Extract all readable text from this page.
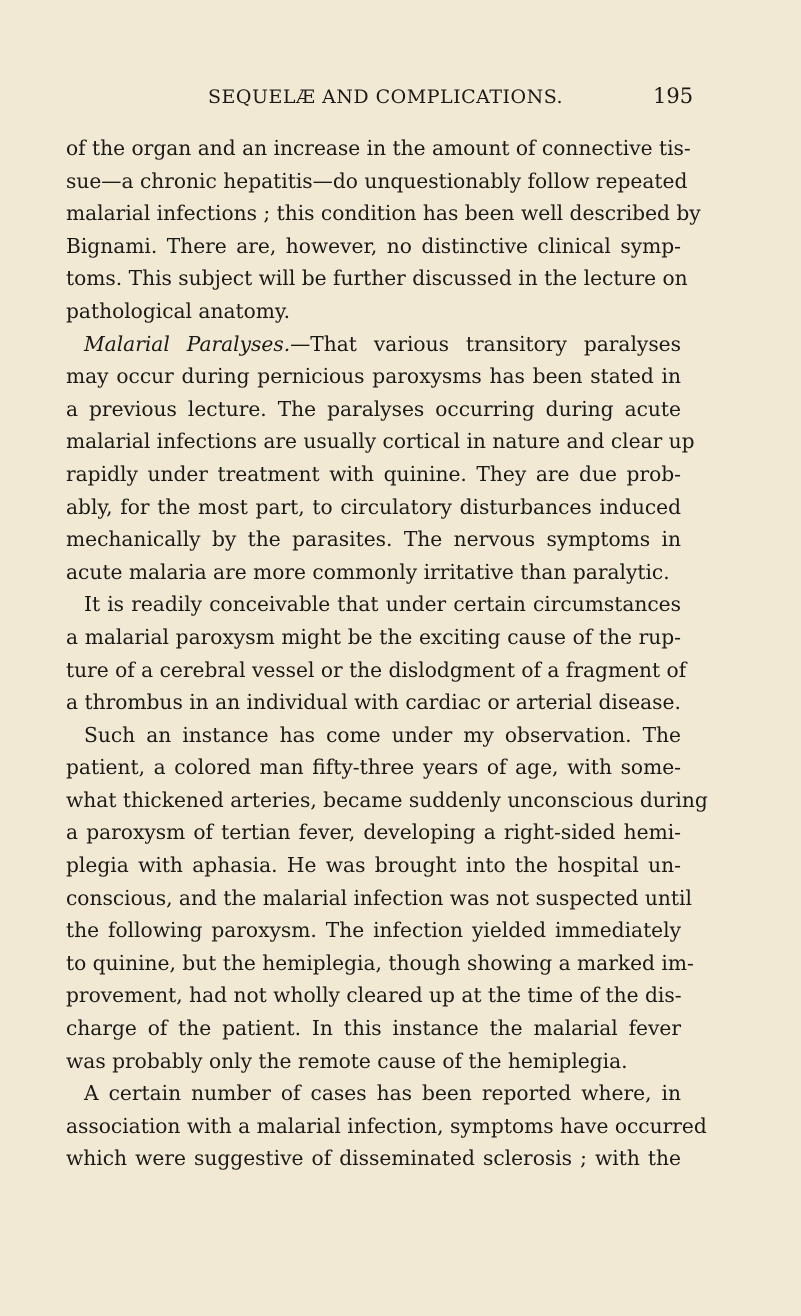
SEQUELÆ AND COMPLICATIONS.	195
of the organ and an increase in the amount of connective tis-
sue—a chronic hepatitis—do unquestionably follow repeated
malarial infections ; this condition has been well described by
Bignami. There are, however, no distinctive clinical symp-
toms. This subject will be further discussed in the lecture on
pathological anatomy.
Malarial Paralyses.—That various transitory paralyses
may occur during pernicious paroxysms has been stated in
a previous lecture. The paralyses occurring during acute
malarial infections are usually cortical in nature and clear up
rapidly under treatment with quinine. They are due prob-
ably, for the most part, to circulatory disturbances induced
mechanically by the parasites. The nervous symptoms in
acute malaria are more commonly irritative than paralytic.
It is readily conceivable that under certain circumstances
a malarial paroxysm might be the exciting cause of the rup-
ture of a cerebral vessel or the dislodgment of a fragment of
a thrombus in an individual with cardiac or arterial disease.
Such an instance has come under my observation. The
patient, a colored man fifty-three years of age, with some-
what thickened arteries, became suddenly unconscious during
a paroxysm of tertian fever, developing a right-sided hemi-
plegia with aphasia. He was brought into the hospital un-
conscious, and the malarial infection was not suspected until
the following paroxysm. The infection yielded immediately
to quinine, but the hemiplegia, though showing a marked im-
provement, had not wholly cleared up at the time of the dis-
charge of the patient. In this instance the malarial fever
was probably only the remote cause of the hemiplegia.
A certain number of cases has been reported where, in
association with a malarial infection, symptoms have occurred
which were suggestive of disseminated sclerosis ; with the
